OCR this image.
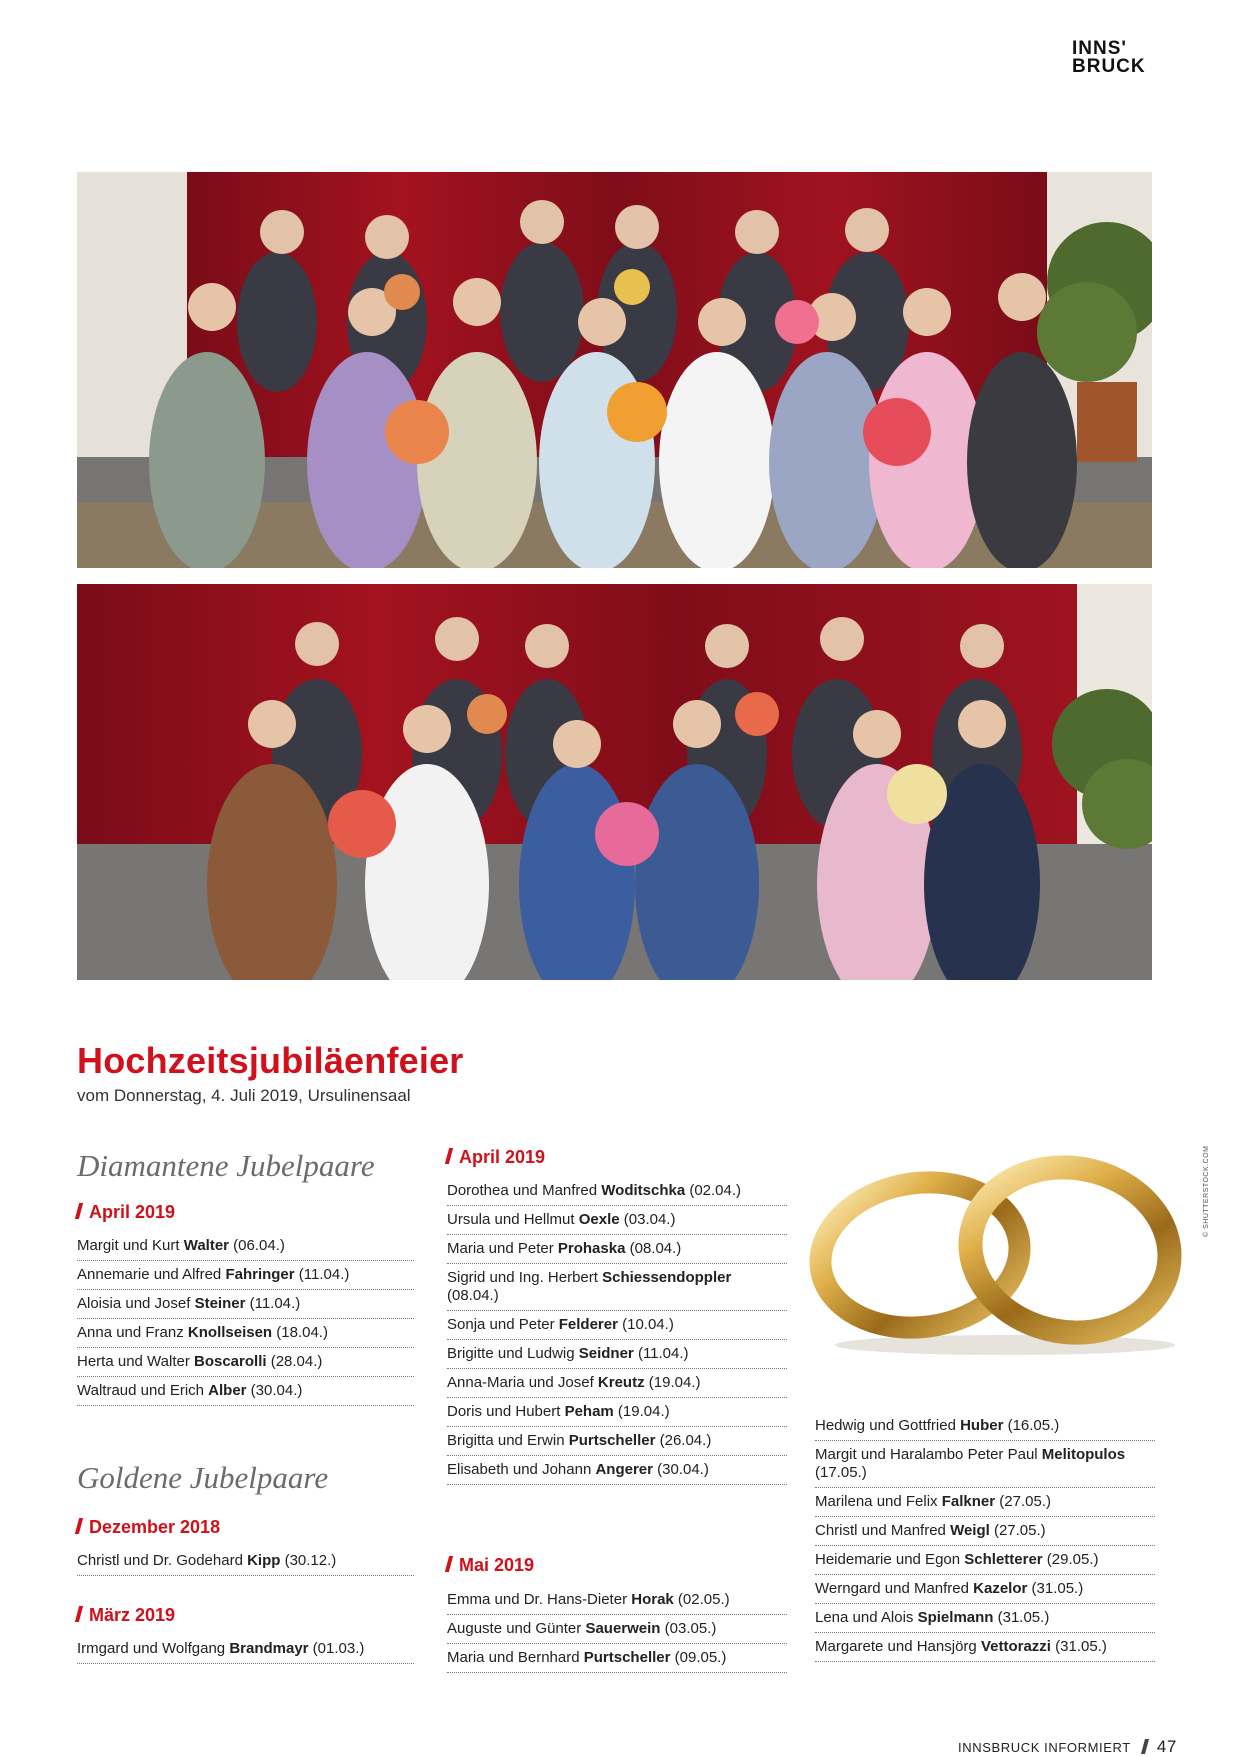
INNS'
BRUCK
Hochzeitsjubiläenfeier
vom Donnerstag, 4. Juli 2019, Ursulinensaal
Diamantene Jubelpaare
April 2019
Margit und Kurt Walter (06.04.)
Annemarie und Alfred Fahringer (11.04.)
Aloisia und Josef Steiner (11.04.)
Anna und Franz Knollseisen (18.04.)
Herta und Walter Boscarolli (28.04.)
Waltraud und Erich Alber (30.04.)
Goldene Jubelpaare
Dezember 2018
Christl und Dr. Godehard Kipp (30.12.)
März 2019
Irmgard und Wolfgang Brandmayr (01.03.)
April 2019
Dorothea und Manfred Woditschka (02.04.)
Ursula und Hellmut Oexle (03.04.)
Maria und Peter Prohaska (08.04.)
Sigrid und Ing. Herbert Schiessendoppler (08.04.)
Sonja und Peter Felderer (10.04.)
Brigitte und Ludwig Seidner (11.04.)
Anna-Maria und Josef Kreutz (19.04.)
Doris und Hubert Peham (19.04.)
Brigitta und Erwin Purtscheller (26.04.)
Elisabeth und Johann Angerer (30.04.)
Mai 2019
Emma und Dr. Hans-Dieter Horak (02.05.)
Auguste und Günter Sauerwein (03.05.)
Maria und Bernhard Purtscheller (09.05.)
© SHUTTERSTOCK.COM
Hedwig und Gottfried Huber (16.05.)
Margit und Haralambo Peter Paul Melitopulos (17.05.)
Marilena und Felix Falkner (27.05.)
Christl und Manfred Weigl (27.05.)
Heidemarie und Egon Schletterer (29.05.)
Werngard und Manfred Kazelor (31.05.)
Lena und Alois Spielmann (31.05.)
Margarete und Hansjörg Vettorazzi (31.05.)
INNSBRUCK INFORMIERT 47
